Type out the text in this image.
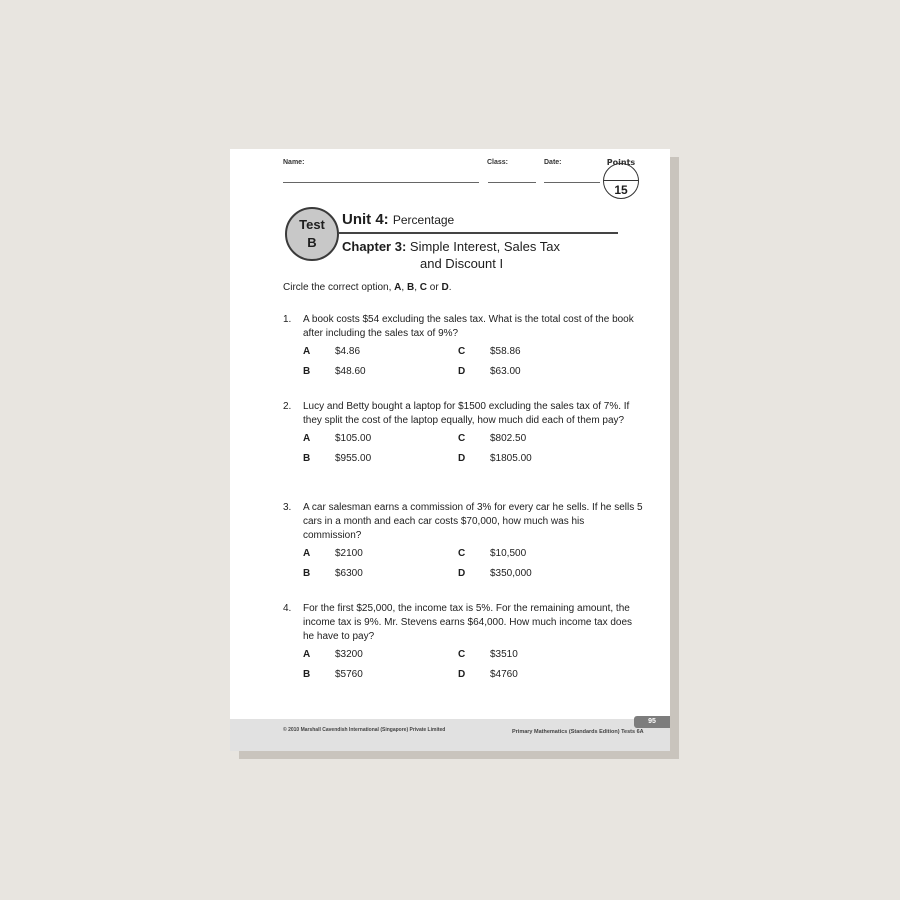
Name:	Class:	Date:	Points
15
Test
B
Unit 4: Percentage
Chapter 3: Simple Interest, Sales Tax
and Discount I
Circle the correct option, A, B, C or D.
1. A book costs $54 excluding the sales tax. What is the total cost of the book after including the sales tax of 9%?
A $4.86
B $48.60
C $58.86
D $63.00
2. Lucy and Betty bought a laptop for $1500 excluding the sales tax of 7%. If they split the cost of the laptop equally, how much did each of them pay?
A $105.00
B $955.00
C $802.50
D $1805.00
3. A car salesman earns a commission of 3% for every car he sells. If he sells 5 cars in a month and each car costs $70,000, how much was his commission?
A $2100
B $6300
C $10,500
D $350,000
4. For the first $25,000, the income tax is 5%. For the remaining amount, the income tax is 9%. Mr. Stevens earns $64,000. How much income tax does he have to pay?
A $3200
B $5760
C $3510
D $4760
© 2010 Marshall Cavendish International (Singapore) Private Limited	Primary Mathematics (Standards Edition) Tests 6A
95
